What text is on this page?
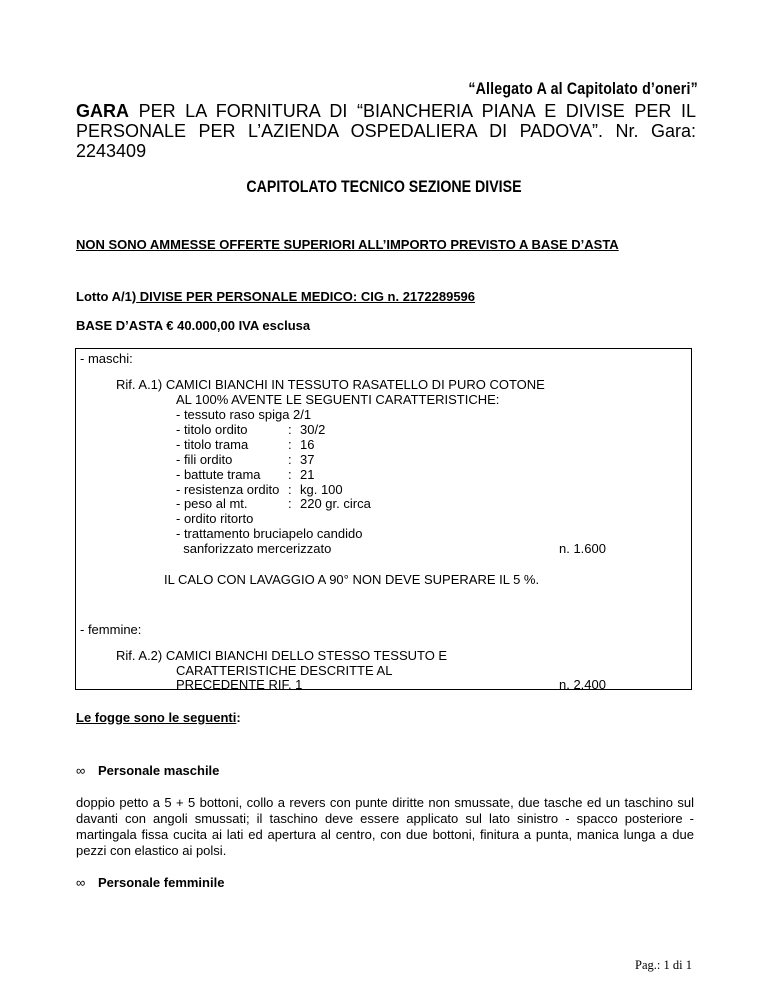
“Allegato A al Capitolato d’oneri”
GARA PER LA FORNITURA DI “BIANCHERIA PIANA E DIVISE PER IL PERSONALE PER L’AZIENDA OSPEDALIERA DI PADOVA”. Nr. Gara: 2243409
CAPITOLATO TECNICO SEZIONE DIVISE
NON SONO AMMESSE OFFERTE SUPERIORI ALL’IMPORTO PREVISTO A BASE D’ASTA
Lotto A/1) DIVISE PER PERSONALE MEDICO: CIG n. 2172289596
BASE D’ASTA € 40.000,00 IVA esclusa
- maschi:
Rif. A.1) CAMICI BIANCHI IN TESSUTO RASATELLO DI PURO COTONE
AL 100% AVENTE LE SEGUENTI CARATTERISTICHE:
- tessuto raso spiga 2/1
- titolo ordito	: 30/2
- titolo trama	: 16
- fili ordito	: 37
- battute trama : 21
- resistenza ordito : kg. 100
- peso al mt.	: 220 gr. circa
- ordito ritorto
- trattamento bruciapelo candido
sanforizzato mercerizzato	n. 1.600
IL CALO CON LAVAGGIO A 90° NON DEVE SUPERARE IL 5 %.
- femmine:
Rif. A.2) CAMICI BIANCHI DELLO STESSO TESSUTO E
CARATTERISTICHE DESCRITTE AL
PRECEDENTE RIF. 1	n. 2.400
Le fogge sono le seguenti:
∞ Personale maschile
doppio petto a 5 + 5 bottoni, collo a revers con punte diritte non smussate, due tasche ed un taschino sul davanti con angoli smussati; il taschino deve essere applicato sul lato sinistro - spacco posteriore - martingala fissa cucita ai lati ed apertura al centro, con due bottoni, finitura a punta, manica lunga a due pezzi con elastico ai polsi.
∞ Personale femminile
Pag.: 1 di 1
